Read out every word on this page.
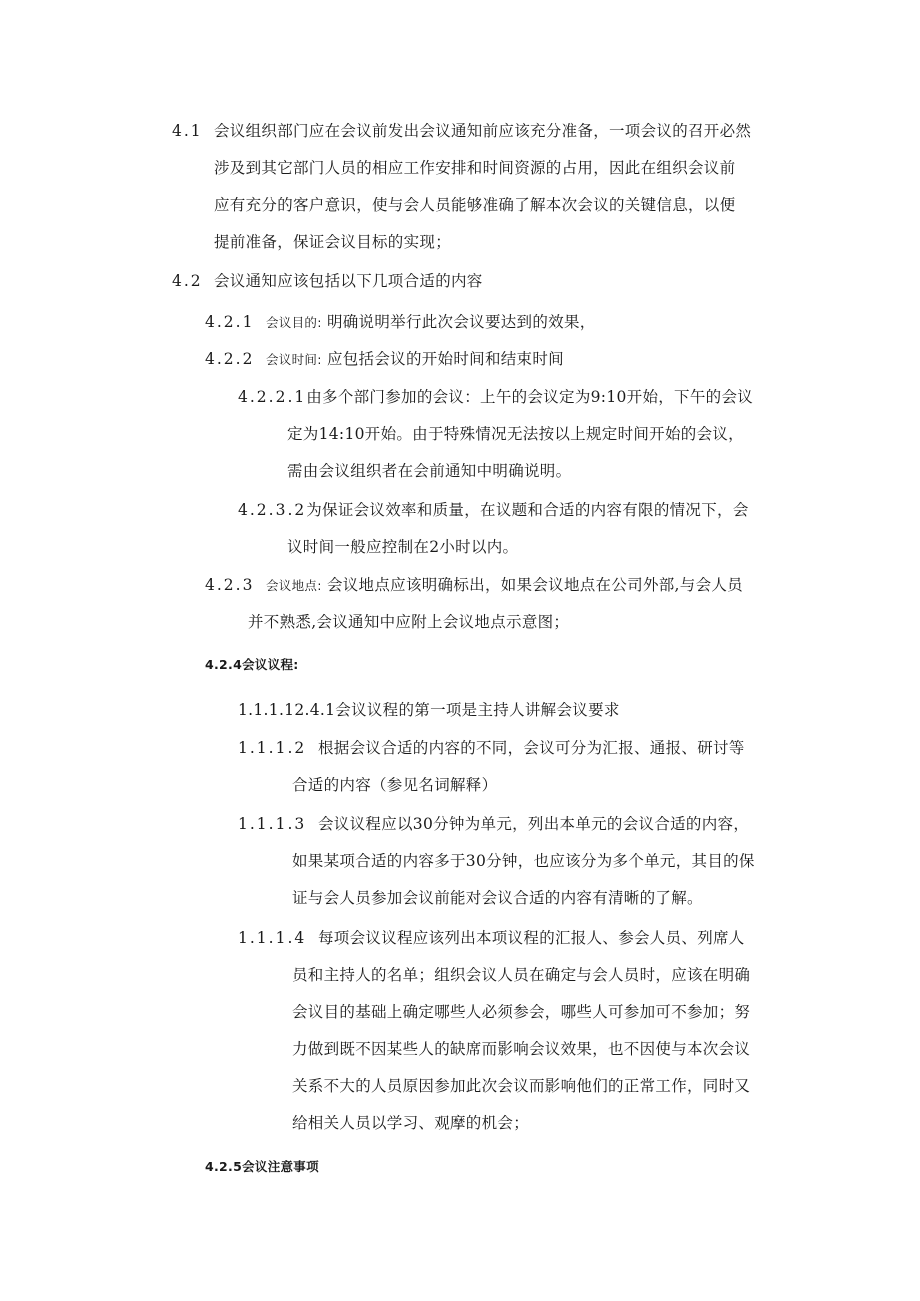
4.1 会议组织部门应在会议前发出会议通知前应该充分准备，一项会议的召开必然
涉及到其它部门人员的相应工作安排和时间资源的占用，因此在组织会议前
应有充分的客户意识，使与会人员能够准确了解本次会议的关键信息，以便
提前准备，保证会议目标的实现；
4.2 会议通知应该包括以下几项合适的内容
4.2.1 会议目的: 明确说明举行此次会议要达到的效果，
4.2.2 会议时间: 应包括会议的开始时间和结束时间
4.2.2.1由多个部门参加的会议：上午的会议定为9:10开始，下午的会议
定为14:10开始。由于特殊情况无法按以上规定时间开始的会议，
需由会议组织者在会前通知中明确说明。
4.2.3.2为保证会议效率和质量，在议题和合适的内容有限的情况下，会
议时间一般应控制在2小时以内。
4.2.3 会议地点: 会议地点应该明确标出，如果会议地点在公司外部,与会人员
并不熟悉,会议通知中应附上会议地点示意图；
4.2.4会议议程:
1.1.1.12.4.1会议议程的第一项是主持人讲解会议要求
1.1.1.2 根据会议合适的内容的不同，会议可分为汇报、通报、研讨等
合适的内容（参见名词解释）
1.1.1.3 会议议程应以30分钟为单元，列出本单元的会议合适的内容，
如果某项合适的内容多于30分钟，也应该分为多个单元，其目的保
证与会人员参加会议前能对会议合适的内容有清晰的了解。
1.1.1.4 每项会议议程应该列出本项议程的汇报人、参会人员、列席人
员和主持人的名单；组织会议人员在确定与会人员时，应该在明确
会议目的基础上确定哪些人必须参会，哪些人可参加可不参加；努
力做到既不因某些人的缺席而影响会议效果，也不因使与本次会议
关系不大的人员原因参加此次会议而影响他们的正常工作，同时又
给相关人员以学习、观摩的机会；
4.2.5会议注意事项
